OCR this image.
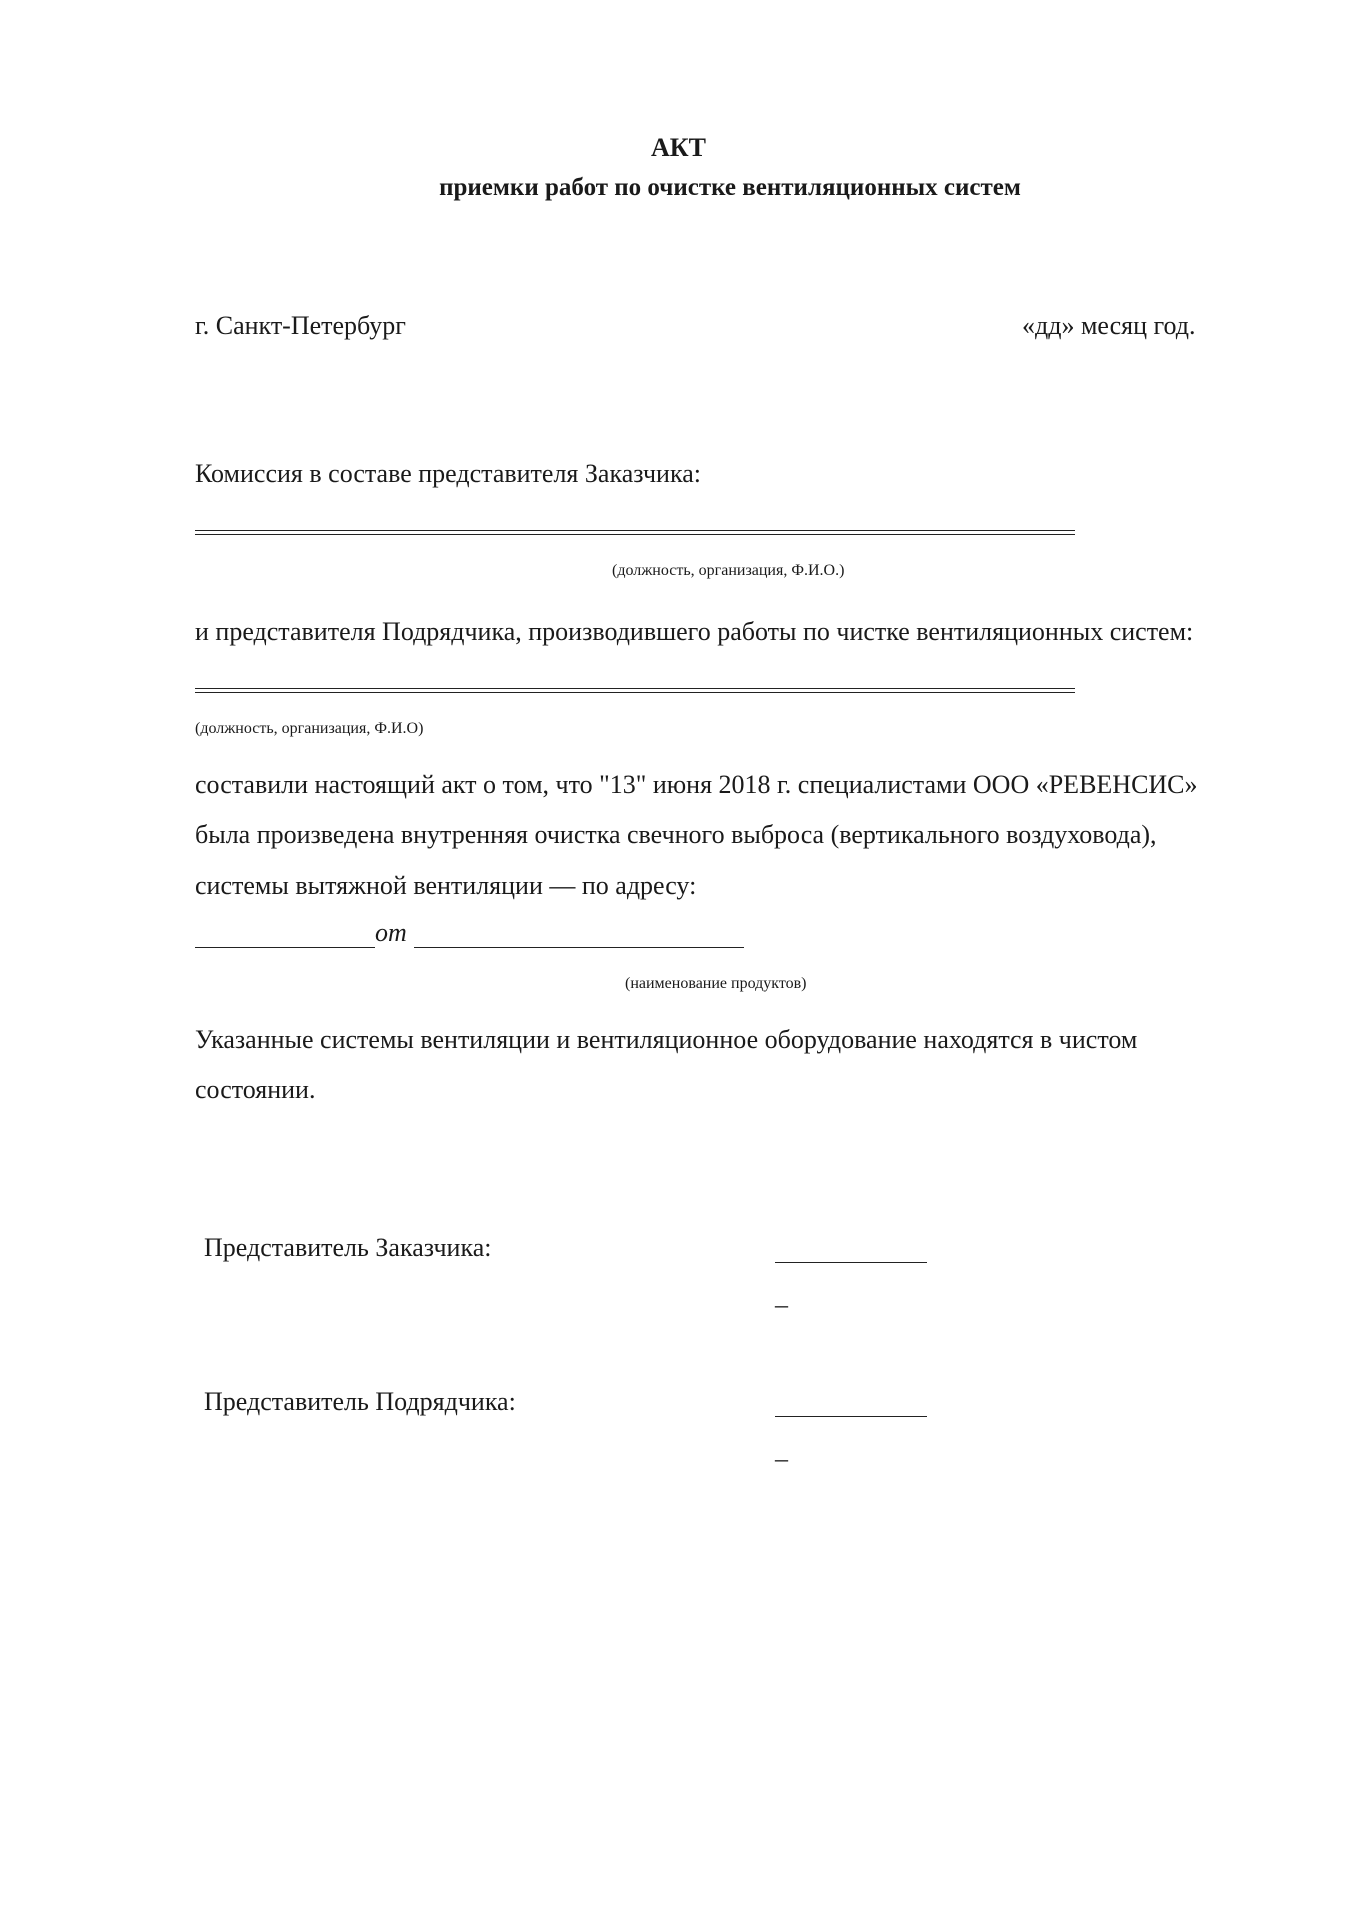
АКТ
приемки работ по очистке вентиляционных систем
г. Санкт-Петербург	«дд» месяц год.
Комиссия в составе представителя Заказчика:
(должность, организация, Ф.И.О.)
и представителя Подрядчика, производившего работы по чистке вентиляционных систем:
(должность, организация, Ф.И.О)
составили настоящий акт о том, что "13" июня 2018 г. специалистами ООО «РЕВЕНСИС»
была произведена внутренняя очистка свечного выброса (вертикального воздуховода),
системы вытяжной вентиляции — по адресу:
от
(наименование продуктов)
Указанные системы вентиляции и вентиляционное оборудование находятся в чистом
состоянии.
Представитель Заказчика:
–
Представитель Подрядчика:
–
